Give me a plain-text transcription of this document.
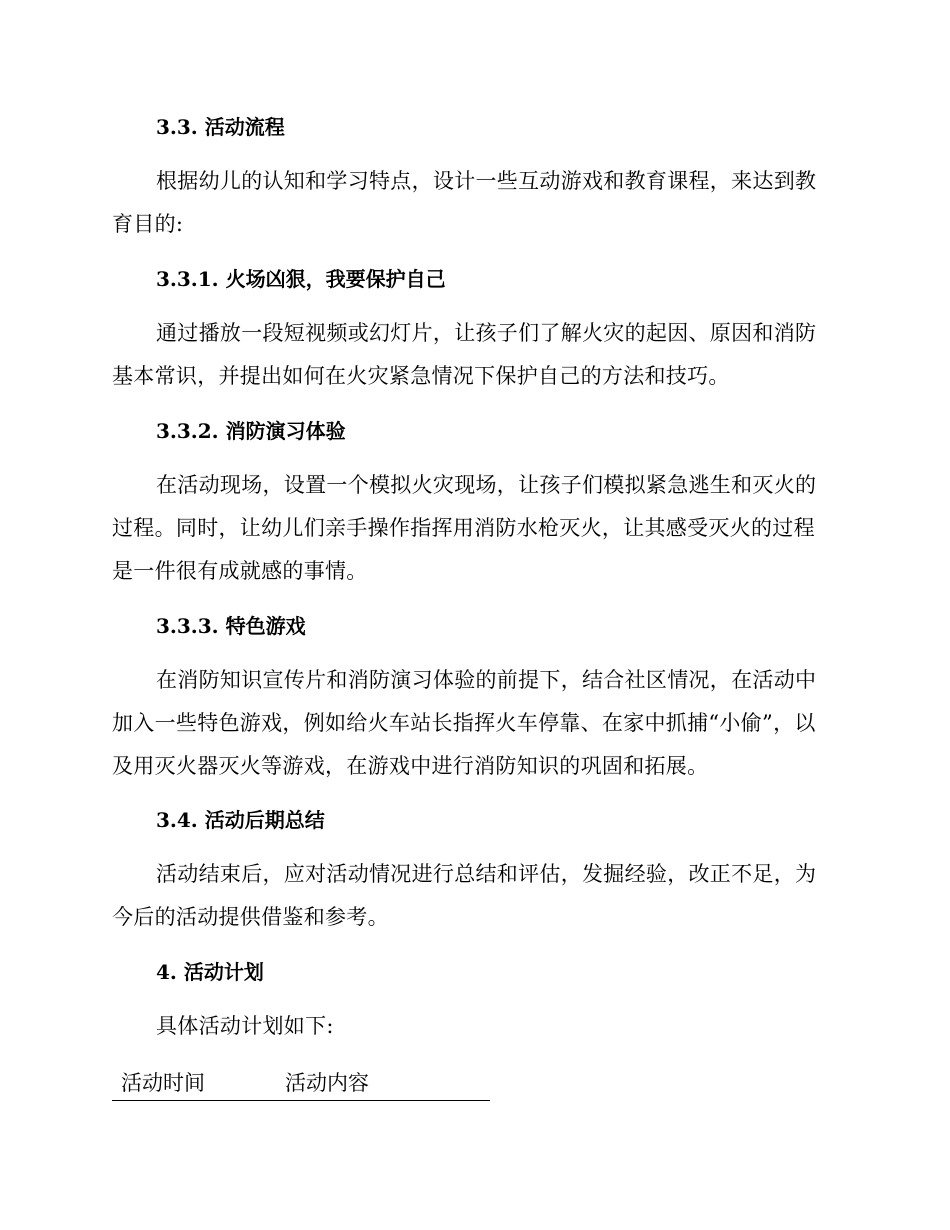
3.3. 活动流程

根据幼儿的认知和学习特点，设计一些互动游戏和教育课程，来达到教育目的:

3.3.1. 火场凶狠，我要保护自己

通过播放一段短视频或幻灯片，让孩子们了解火灾的起因、原因和消防基本常识，并提出如何在火灾紧急情况下保护自己的方法和技巧。

3.3.2. 消防演习体验

在活动现场，设置一个模拟火灾现场，让孩子们模拟紧急逃生和灭火的过程。同时，让幼儿们亲手操作指挥用消防水枪灭火，让其感受灭火的过程是一件很有成就感的事情。

3.3.3. 特色游戏

在消防知识宣传片和消防演习体验的前提下，结合社区情况，在活动中加入一些特色游戏，例如给火车站长指挥火车停靠、在家中抓捕“小偷”，以及用灭火器灭火等游戏，在游戏中进行消防知识的巩固和拓展。

3.4. 活动后期总结

活动结束后，应对活动情况进行总结和评估，发掘经验，改正不足，为今后的活动提供借鉴和参考。

4. 活动计划

具体活动计划如下:

活动时间	活动内容
